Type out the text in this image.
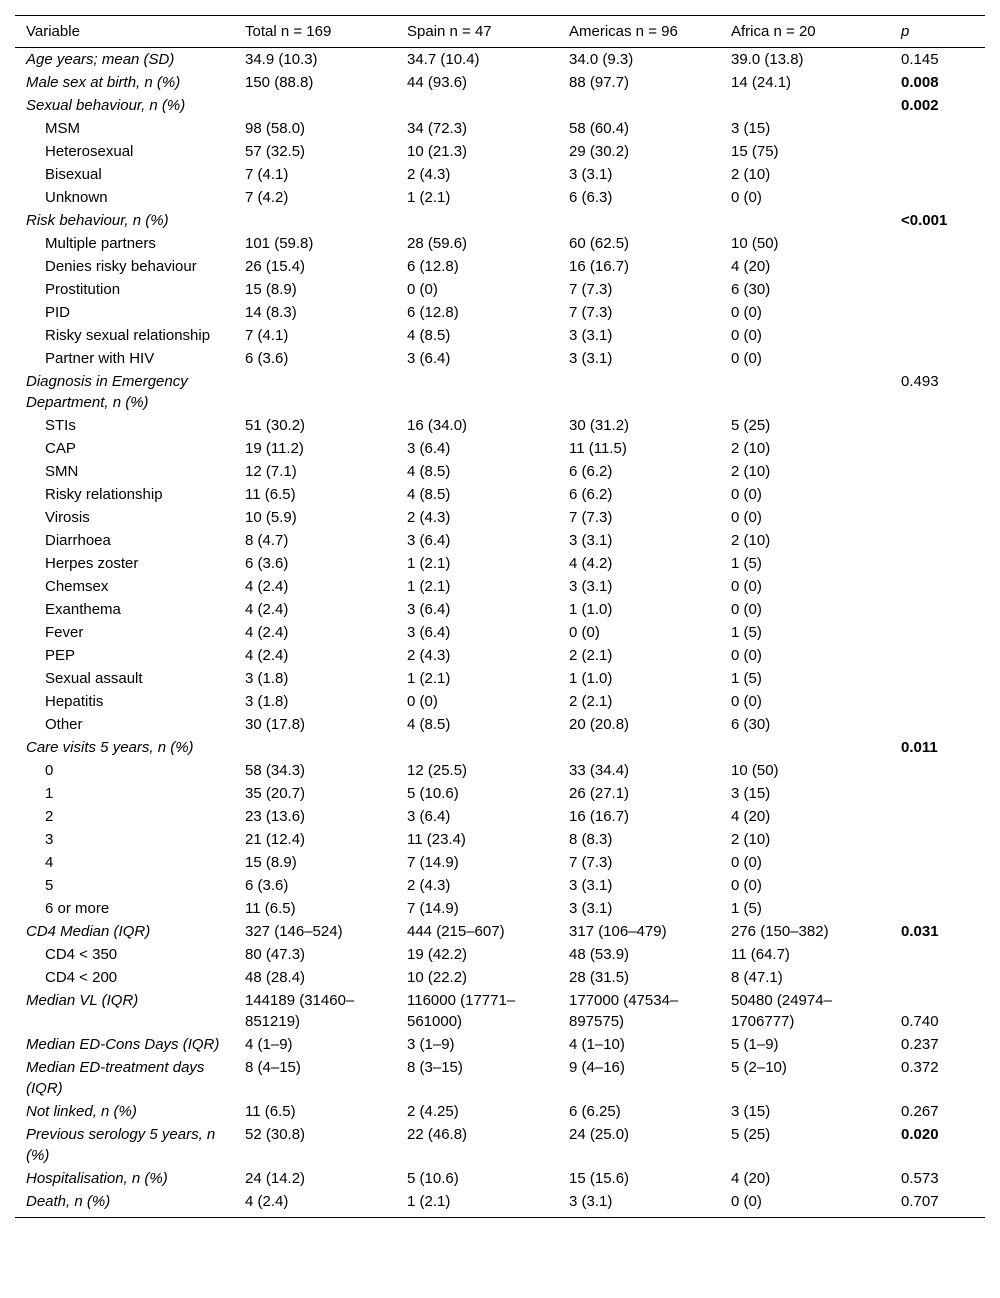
Variable	Total n = 169	Spain n = 47	Americas n = 96	Africa n = 20	p
Age years; mean (SD)	34.9 (10.3)	34.7 (10.4)	34.0 (9.3)	39.0 (13.8)	0.145
Male sex at birth, n (%)	150 (88.8)	44 (93.6)	88 (97.7)	14 (24.1)	0.008
Sexual behaviour, n (%)					0.002
MSM	98 (58.0)	34 (72.3)	58 (60.4)	3 (15)	
Heterosexual	57 (32.5)	10 (21.3)	29 (30.2)	15 (75)	
Bisexual	7 (4.1)	2 (4.3)	3 (3.1)	2 (10)	
Unknown	7 (4.2)	1 (2.1)	6 (6.3)	0 (0)	
Risk behaviour, n (%)					<0.001
Multiple partners	101 (59.8)	28 (59.6)	60 (62.5)	10 (50)	
Denies risky behaviour	26 (15.4)	6 (12.8)	16 (16.7)	4 (20)	
Prostitution	15 (8.9)	0 (0)	7 (7.3)	6 (30)	
PID	14 (8.3)	6 (12.8)	7 (7.3)	0 (0)	
Risky sexual relationship	7 (4.1)	4 (8.5)	3 (3.1)	0 (0)	
Partner with HIV	6 (3.6)	3 (6.4)	3 (3.1)	0 (0)	
Diagnosis in Emergency Department, n (%)					0.493
STIs	51 (30.2)	16 (34.0)	30 (31.2)	5 (25)	
CAP	19 (11.2)	3 (6.4)	11 (11.5)	2 (10)	
SMN	12 (7.1)	4 (8.5)	6 (6.2)	2 (10)	
Risky relationship	11 (6.5)	4 (8.5)	6 (6.2)	0 (0)	
Virosis	10 (5.9)	2 (4.3)	7 (7.3)	0 (0)	
Diarrhoea	8 (4.7)	3 (6.4)	3 (3.1)	2 (10)	
Herpes zoster	6 (3.6)	1 (2.1)	4 (4.2)	1 (5)	
Chemsex	4 (2.4)	1 (2.1)	3 (3.1)	0 (0)	
Exanthema	4 (2.4)	3 (6.4)	1 (1.0)	0 (0)	
Fever	4 (2.4)	3 (6.4)	0 (0)	1 (5)	
PEP	4 (2.4)	2 (4.3)	2 (2.1)	0 (0)	
Sexual assault	3 (1.8)	1 (2.1)	1 (1.0)	1 (5)	
Hepatitis	3 (1.8)	0 (0)	2 (2.1)	0 (0)	
Other	30 (17.8)	4 (8.5)	20 (20.8)	6 (30)	
Care visits 5 years, n (%)					0.011
0	58 (34.3)	12 (25.5)	33 (34.4)	10 (50)	
1	35 (20.7)	5 (10.6)	26 (27.1)	3 (15)	
2	23 (13.6)	3 (6.4)	16 (16.7)	4 (20)	
3	21 (12.4)	11 (23.4)	8 (8.3)	2 (10)	
4	15 (8.9)	7 (14.9)	7 (7.3)	0 (0)	
5	6 (3.6)	2 (4.3)	3 (3.1)	0 (0)	
6 or more	11 (6.5)	7 (14.9)	3 (3.1)	1 (5)	
CD4 Median (IQR)	327 (146–524)	444 (215–607)	317 (106–479)	276 (150–382)	0.031
CD4 < 350	80 (47.3)	19 (42.2)	48 (53.9)	11 (64.7)	
CD4 < 200	48 (28.4)	10 (22.2)	28 (31.5)	8 (47.1)	
Median VL (IQR)	144189 (31460–851219)	116000 (17771–561000)	177000 (47534–897575)	50480 (24974–1706777)	0.740
Median ED-Cons Days (IQR)	4 (1–9)	3 (1–9)	4 (1–10)	5 (1–9)	0.237
Median ED-treatment days (IQR)	8 (4–15)	8 (3–15)	9 (4–16)	5 (2–10)	0.372
Not linked, n (%)	11 (6.5)	2 (4.25)	6 (6.25)	3 (15)	0.267
Previous serology 5 years, n (%)	52 (30.8)	22 (46.8)	24 (25.0)	5 (25)	0.020
Hospitalisation, n (%)	24 (14.2)	5 (10.6)	15 (15.6)	4 (20)	0.573
Death, n (%)	4 (2.4)	1 (2.1)	3 (3.1)	0 (0)	0.707
